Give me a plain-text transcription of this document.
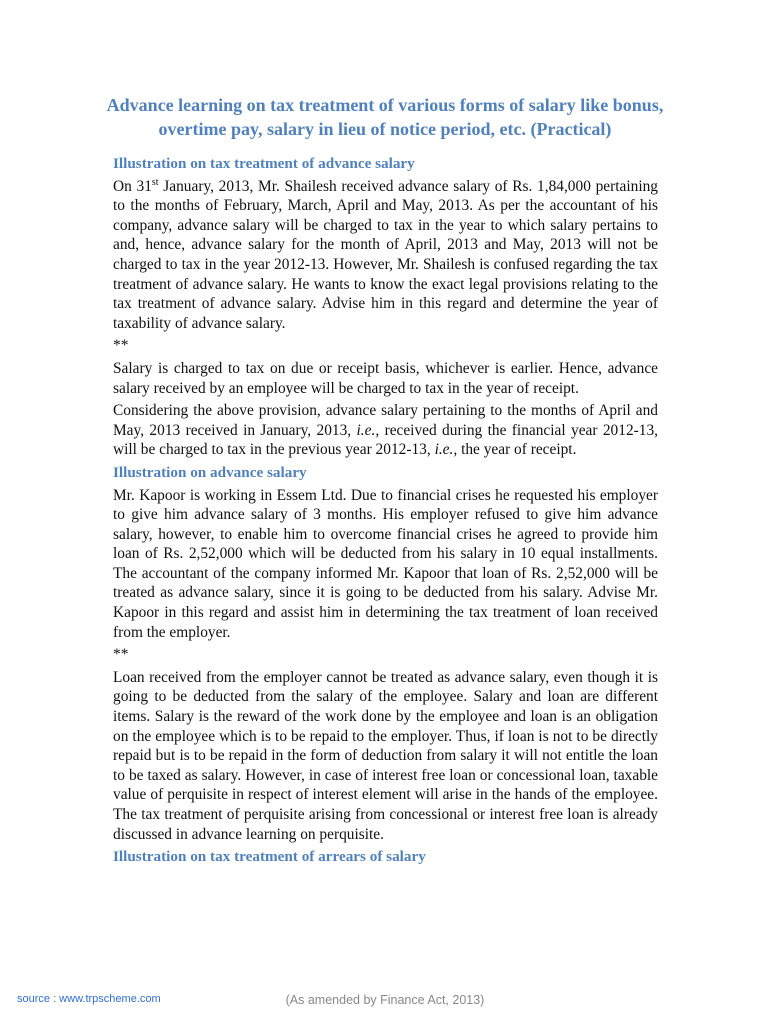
Advance learning on tax treatment of various forms of salary like bonus, overtime pay, salary in lieu of notice period, etc. (Practical)
Illustration on tax treatment of advance salary

On 31st January, 2013, Mr. Shailesh received advance salary of Rs. 1,84,000 pertaining to the months of February, March, April and May, 2013. As per the accountant of his company, advance salary will be charged to tax in the year to which salary pertains to and, hence, advance salary for the month of April, 2013 and May, 2013 will not be charged to tax in the year 2012-13. However, Mr. Shailesh is confused regarding the tax treatment of advance salary. He wants to know the exact legal provisions relating to the tax treatment of advance salary. Advise him in this regard and determine the year of taxability of advance salary.

**

Salary is charged to tax on due or receipt basis, whichever is earlier. Hence, advance salary received by an employee will be charged to tax in the year of receipt.

Considering the above provision, advance salary pertaining to the months of April and May, 2013 received in January, 2013, i.e., received during the financial year 2012-13, will be charged to tax in the previous year 2012-13, i.e., the year of receipt.

Illustration on advance salary

Mr. Kapoor is working in Essem Ltd. Due to financial crises he requested his employer to give him advance salary of 3 months. His employer refused to give him advance salary, however, to enable him to overcome financial crises he agreed to provide him loan of Rs. 2,52,000 which will be deducted from his salary in 10 equal installments. The accountant of the company informed Mr. Kapoor that loan of Rs. 2,52,000 will be treated as advance salary, since it is going to be deducted from his salary. Advise Mr. Kapoor in this regard and assist him in determining the tax treatment of loan received from the employer.

**

Loan received from the employer cannot be treated as advance salary, even though it is going to be deducted from the salary of the employee. Salary and loan are different items. Salary is the reward of the work done by the employee and loan is an obligation on the employee which is to be repaid to the employer. Thus, if loan is not to be directly repaid but is to be repaid in the form of deduction from salary it will not entitle the loan to be taxed as salary. However, in case of interest free loan or concessional loan, taxable value of perquisite in respect of interest element will arise in the hands of the employee. The tax treatment of perquisite arising from concessional or interest free loan is already discussed in advance learning on perquisite.

Illustration on tax treatment of arrears of salary
source : www.trpscheme.com	(As amended by Finance Act, 2013)
